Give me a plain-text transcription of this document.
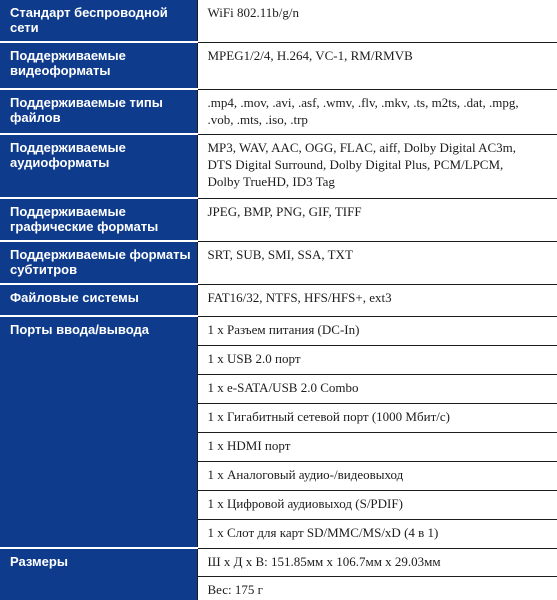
Стандарт беспроводной сети	WiFi 802.11b/g/n
Поддерживаемые видеоформаты	MPEG1/2/4, H.264, VC-1, RM/RMVB
Поддерживаемые типы файлов	.mp4, .mov, .avi, .asf, .wmv, .flv, .mkv, .ts, m2ts, .dat, .mpg,
.vob, .mts, .iso, .trp
Поддерживаемые аудиоформаты	MP3, WAV, AAC, OGG, FLAC, aiff, Dolby Digital AC3m,
DTS Digital Surround, Dolby Digital Plus, PCM/LPCM,
Dolby TrueHD, ID3 Tag
Поддерживаемые графические форматы	JPEG, BMP, PNG, GIF, TIFF
Поддерживаемые форматы субтитров	SRT, SUB, SMI, SSA, TXT
Файловые системы	FAT16/32, NTFS, HFS/HFS+, ext3
Порты ввода/вывода	1 x Разъем питания (DC-In)
	1 x USB 2.0 порт
	1 x e-SATA/USB 2.0 Combo
	1 x Гигабитный сетевой порт (1000 Мбит/с)
	1 x HDMI порт
	1 x Аналоговый аудио-/видеовыход
	1 x Цифровой аудиовыход (S/PDIF)
	1 x Слот для карт SD/MMC/MS/xD (4 в 1)
Размеры	Ш x Д x В: 151.85мм x 106.7мм x 29.03мм
	Вес: 175 г
